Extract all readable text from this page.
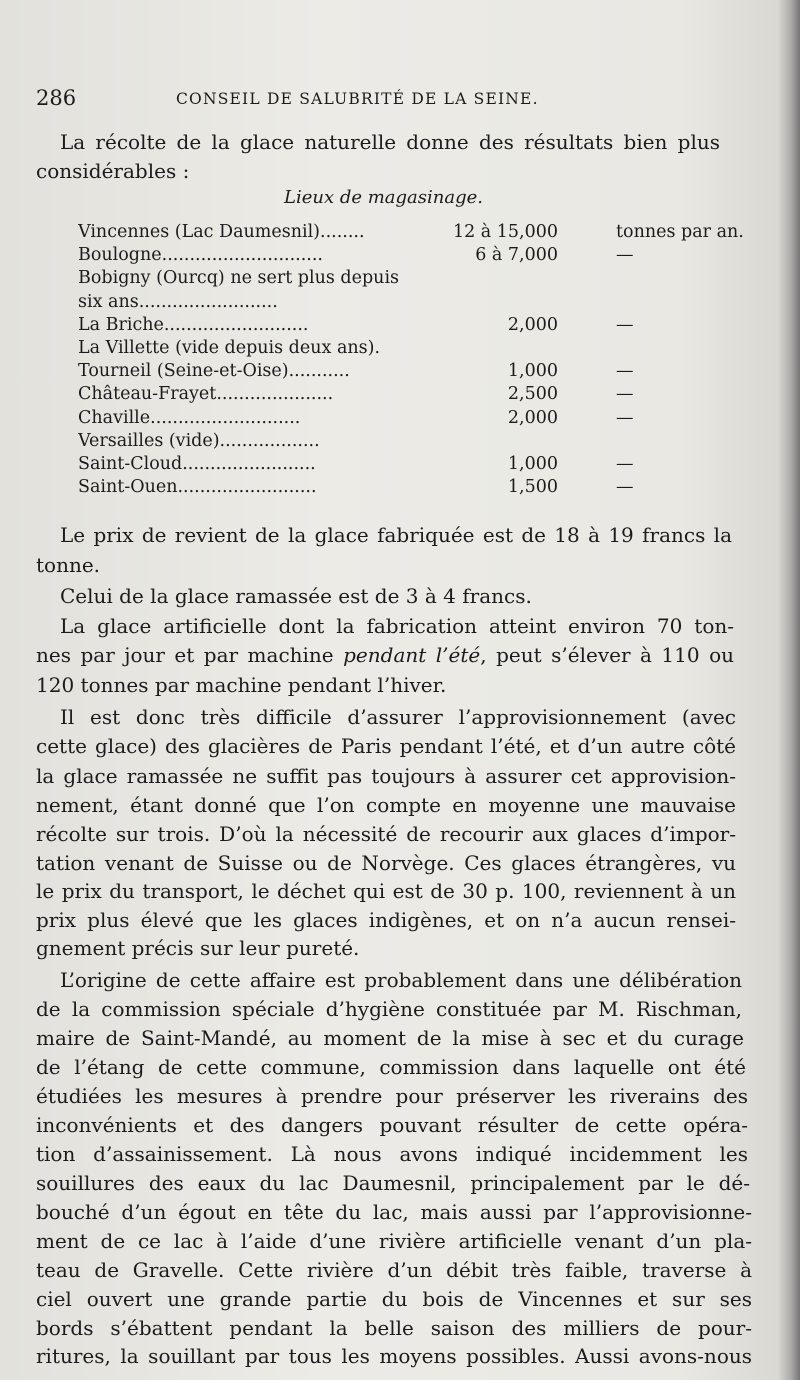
286	CONSEIL DE SALUBRITÉ DE LA SEINE.
La récolte de la glace naturelle donne des résultats bien plus
considérables :
Lieux de magasinage.
Vincennes (Lac Daumesnil)........	12 à 15,000	tonnes par an.
Boulogne.............................	6 à 7,000	—
Bobigny (Ourcq) ne sert plus depuis
six ans.........................
La Briche..........................	2,000	—
La Villette (vide depuis deux ans).
Tourneil (Seine-et-Oise)...........	1,000	—
Château-Frayet.....................	2,500	—
Chaville...........................	2,000	—
Versailles (vide)..................
Saint-Cloud........................	1,000	—
Saint-Ouen.........................	1,500	—
Le prix de revient de la glace fabriquée est de 18 à 19 francs la
tonne.
Celui de la glace ramassée est de 3 à 4 francs.
La glace artificielle dont la fabrication atteint environ 70 ton-
nes par jour et par machine pendant l’été, peut s’élever à 110 ou
120 tonnes par machine pendant l’hiver.
Il est donc très difficile d’assurer l’approvisionnement (avec
cette glace) des glacières de Paris pendant l’été, et d’un autre côté
la glace ramassée ne suffit pas toujours à assurer cet approvision-
nement, étant donné que l’on compte en moyenne une mauvaise
récolte sur trois. D’où la nécessité de recourir aux glaces d’impor-
tation venant de Suisse ou de Norvège. Ces glaces étrangères, vu
le prix du transport, le déchet qui est de 30 p. 100, reviennent à un
prix plus élevé que les glaces indigènes, et on n’a aucun rensei-
gnement précis sur leur pureté.
L’origine de cette affaire est probablement dans une délibération
de la commission spéciale d’hygiène constituée par M. Rischman,
maire de Saint-Mandé, au moment de la mise à sec et du curage
de l’étang de cette commune, commission dans laquelle ont été
étudiées les mesures à prendre pour préserver les riverains des
inconvénients et des dangers pouvant résulter de cette opéra-
tion d’assainissement. Là nous avons indiqué incidemment les
souillures des eaux du lac Daumesnil, principalement par le dé-
bouché d’un égout en tête du lac, mais aussi par l’approvisionne-
ment de ce lac à l’aide d’une rivière artificielle venant d’un pla-
teau de Gravelle. Cette rivière d’un débit très faible, traverse à
ciel ouvert une grande partie du bois de Vincennes et sur ses
bords s’ébattent pendant la belle saison des milliers de pour-
ritures, la souillant par tous les moyens possibles. Aussi avons-nous
